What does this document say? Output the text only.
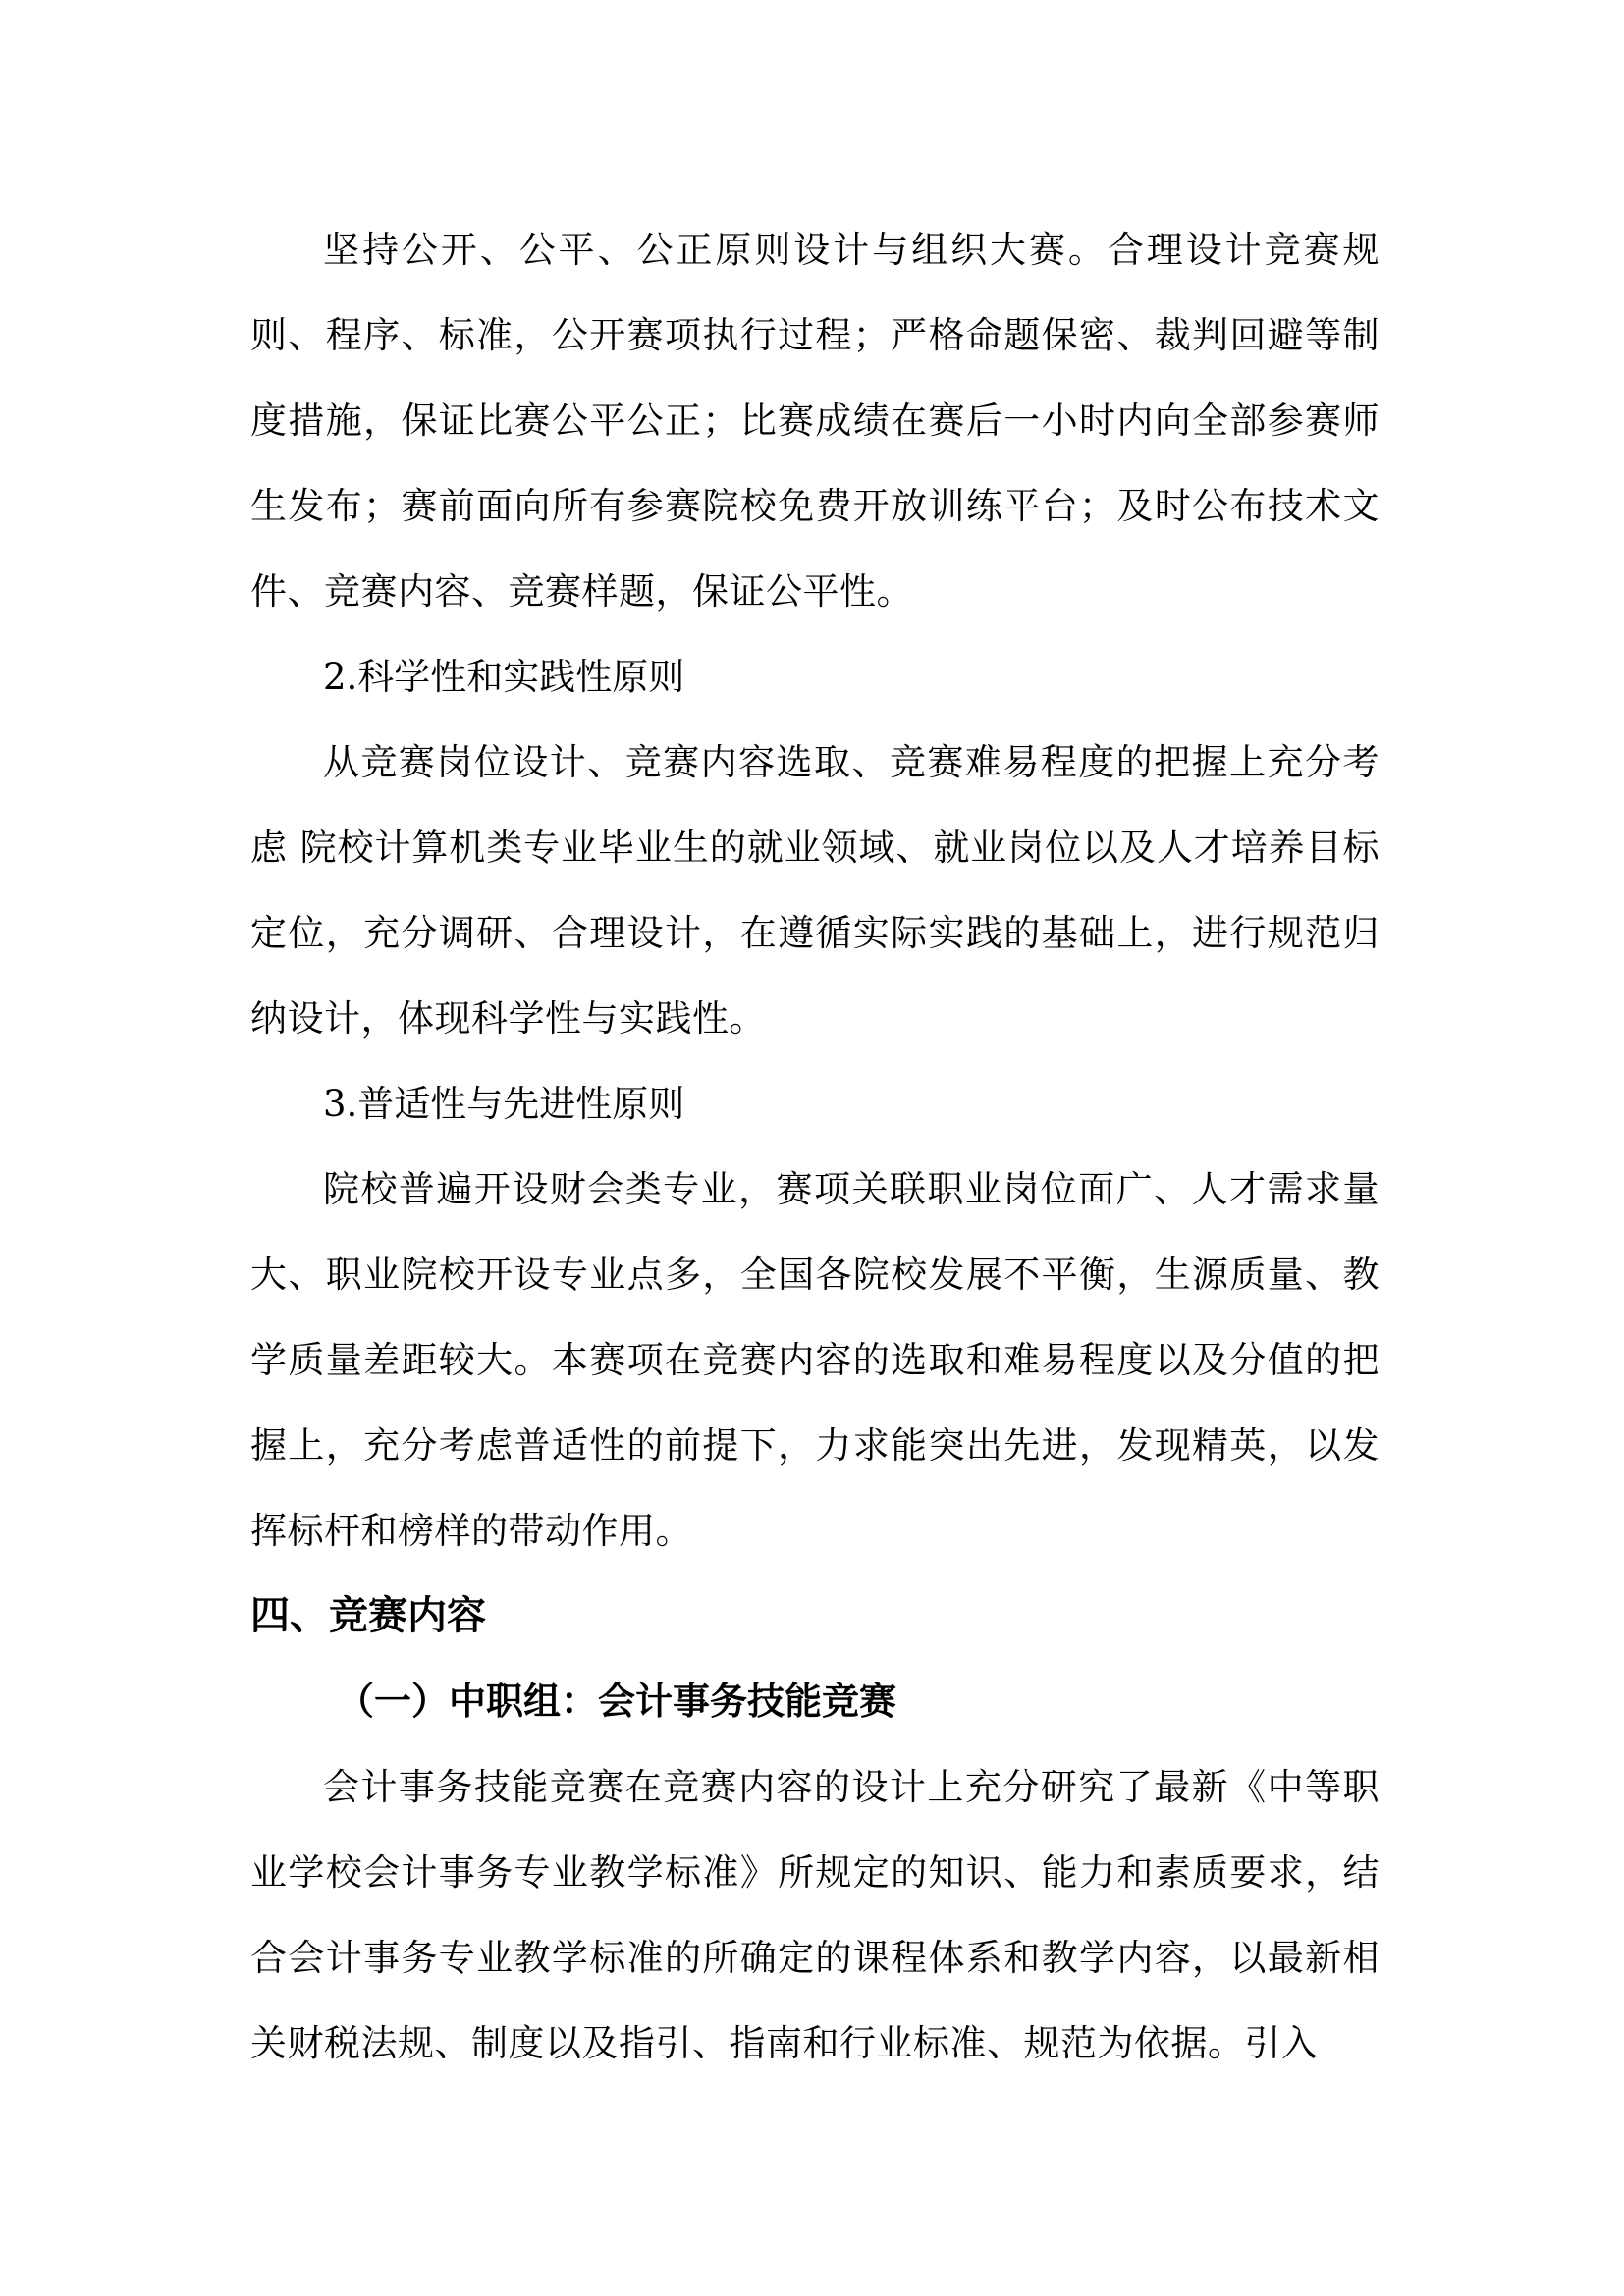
坚持公开、公平、公正原则设计与组织大赛。合理设计竞赛规则、程序、标准，公开赛项执行过程；严格命题保密、裁判回避等制度措施，保证比赛公平公正；比赛成绩在赛后一小时内向全部参赛师生发布；赛前面向所有参赛院校免费开放训练平台；及时公布技术文件、竞赛内容、竞赛样题，保证公平性。

2.科学性和实践性原则

从竞赛岗位设计、竞赛内容选取、竞赛难易程度的把握上充分考虑 院校计算机类专业毕业生的就业领域、就业岗位以及人才培养目标定位，充分调研、合理设计，在遵循实际实践的基础上，进行规范归纳设计，体现科学性与实践性。

3.普适性与先进性原则

院校普遍开设财会类专业，赛项关联职业岗位面广、人才需求量大、职业院校开设专业点多，全国各院校发展不平衡，生源质量、教学质量差距较大。本赛项在竞赛内容的选取和难易程度以及分值的把握上，充分考虑普适性的前提下，力求能突出先进，发现精英，以发挥标杆和榜样的带动作用。

四、竞赛内容
（一）中职组：会计事务技能竞赛

会计事务技能竞赛在竞赛内容的设计上充分研究了最新《中等职业学校会计事务专业教学标准》所规定的知识、能力和素质要求，结合会计事务专业教学标准的所确定的课程体系和教学内容，以最新相关财税法规、制度以及指引、指南和行业标准、规范为依据。引入
